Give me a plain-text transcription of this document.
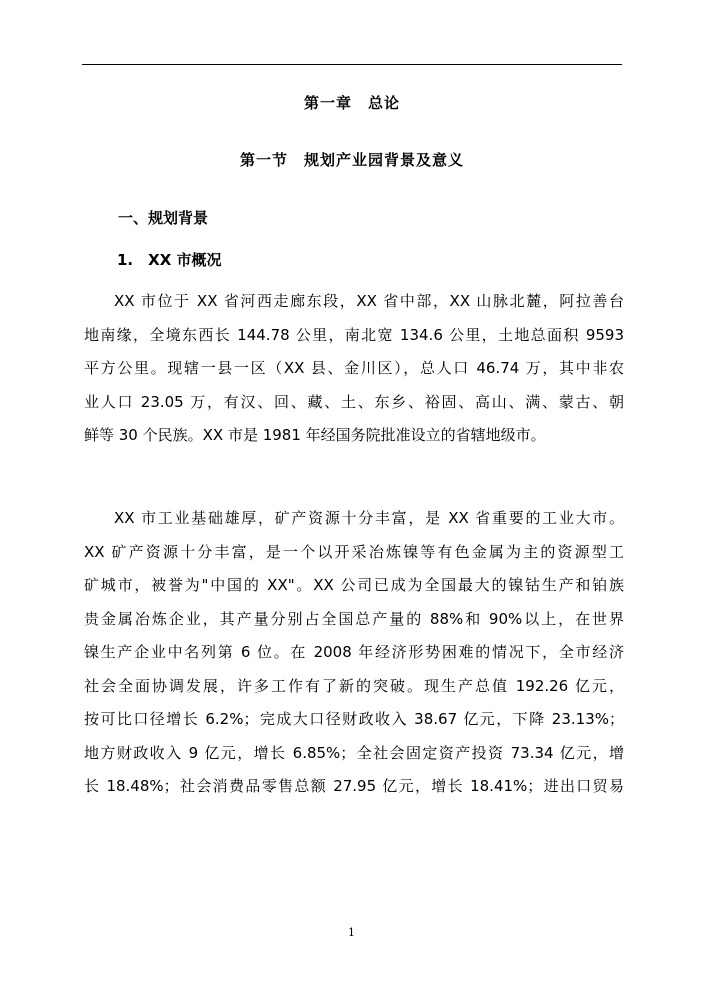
第一章　总论
第一节　规划产业园背景及意义
一、规划背景
1.　XX 市概况
XX 市位于 XX 省河西走廊东段，XX 省中部，XX 山脉北麓，阿拉善台
地南缘，全境东西长 144.78 公里，南北宽 134.6 公里，土地总面积 9593
平方公里。现辖一县一区（XX 县、金川区），总人口 46.74 万，其中非农
业人口 23.05 万，有汉、回、藏、土、东乡、裕固、高山、满、蒙古、朝
鲜等 30 个民族。XX 市是 1981 年经国务院批准设立的省辖地级市。
XX 市工业基础雄厚，矿产资源十分丰富，是 XX 省重要的工业大市。
XX 矿产资源十分丰富，是一个以开采冶炼镍等有色金属为主的资源型工
矿城市，被誉为"中国的 XX"。XX 公司已成为全国最大的镍钴生产和铂族
贵金属冶炼企业，其产量分别占全国总产量的 88%和 90%以上，在世界
镍生产企业中名列第 6 位。在 2008 年经济形势困难的情况下，全市经济
社会全面协调发展，许多工作有了新的突破。现生产总值 192.26 亿元，
按可比口径增长 6.2%；完成大口径财政收入 38.67 亿元，下降 23.13%；
地方财政收入 9 亿元，增长 6.85%；全社会固定资产投资 73.34 亿元，增
长 18.48%；社会消费品零售总额 27.95 亿元，增长 18.41%；进出口贸易
1
